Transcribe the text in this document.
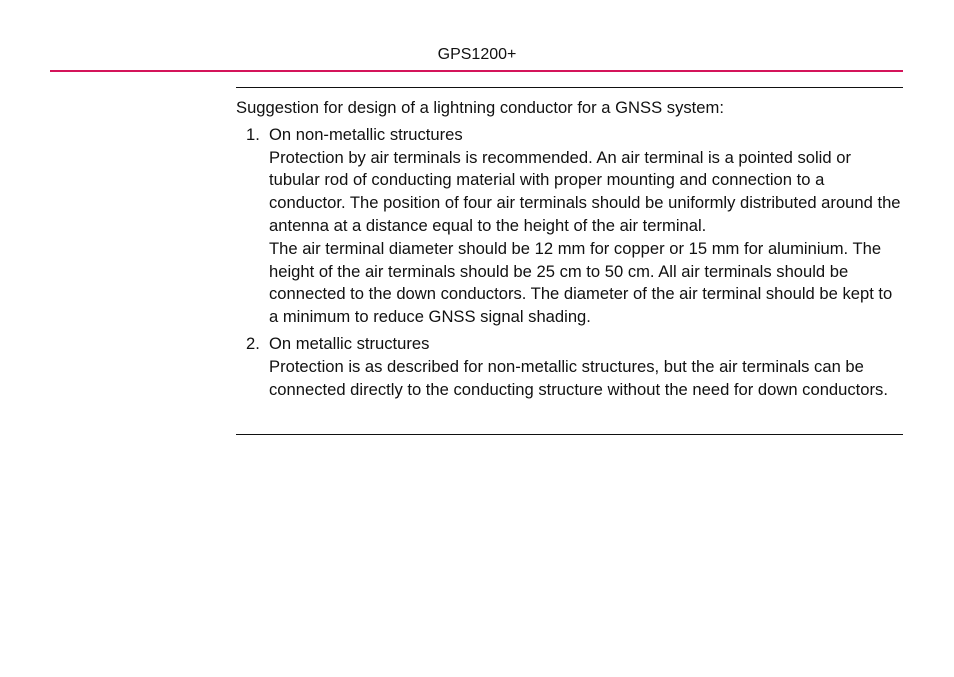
GPS1200+

Suggestion for design of a lightning conductor for a GNSS system:

1. On non-metallic structures
Protection by air terminals is recommended. An air terminal is a pointed solid or tubular rod of conducting material with proper mounting and connection to a conductor. The position of four air terminals should be uniformly distributed around the antenna at a distance equal to the height of the air terminal.
The air terminal diameter should be 12 mm for copper or 15 mm for aluminium. The height of the air terminals should be 25 cm to 50 cm. All air terminals should be connected to the down conductors. The diameter of the air terminal should be kept to a minimum to reduce GNSS signal shading.
2. On metallic structures
Protection is as described for non-metallic structures, but the air terminals can be connected directly to the conducting structure without the need for down conductors.
